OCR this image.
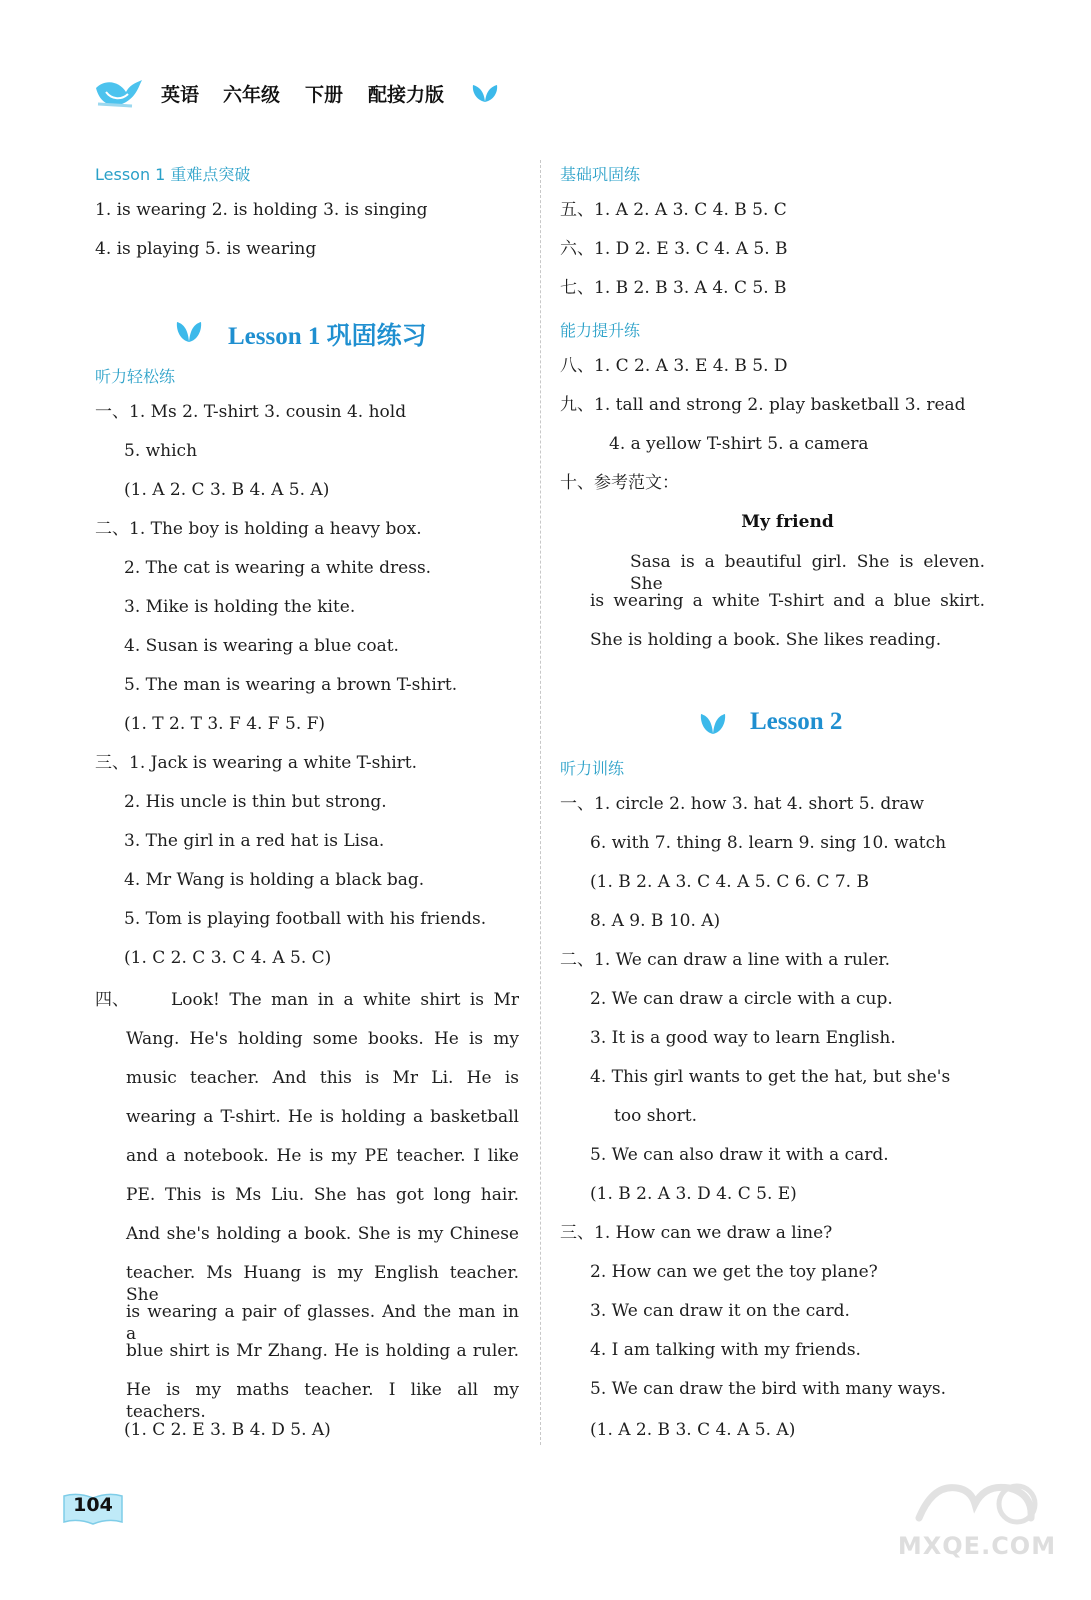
英语 六年级 下册 配接力版
Lesson 1 重难点突破
1. is wearing 2. is holding 3. is singing
4. is playing 5. is wearing
Lesson 1 巩固练习
听力轻松练
一、1. Ms 2. T-shirt 3. cousin 4. hold
5. which
(1. A 2. C 3. B 4. A 5. A)
二、1. The boy is holding a heavy box.
2. The cat is wearing a white dress.
3. Mike is holding the kite.
4. Susan is wearing a blue coat.
5. The man is wearing a brown T-shirt.
(1. T 2. T 3. F 4. F 5. F)
三、1. Jack is wearing a white T-shirt.
2. His uncle is thin but strong.
3. The girl in a red hat is Lisa.
4. Mr Wang is holding a black bag.
5. Tom is playing football with his friends.
(1. C 2. C 3. C 4. A 5. C)
四、 Look! The man in a white shirt is Mr
Wang. He's holding some books. He is my
music teacher. And this is Mr Li. He is
wearing a T-shirt. He is holding a basketball
and a notebook. He is my PE teacher. I like
PE. This is Ms Liu. She has got long hair.
And she's holding a book. She is my Chinese
teacher. Ms Huang is my English teacher. She
is wearing a pair of glasses. And the man in a
blue shirt is Mr Zhang. He is holding a ruler.
He is my maths teacher. I like all my teachers.
(1. C 2. E 3. B 4. D 5. A)
基础巩固练
五、1. A 2. A 3. C 4. B 5. C
六、1. D 2. E 3. C 4. A 5. B
七、1. B 2. B 3. A 4. C 5. B
能力提升练
八、1. C 2. A 3. E 4. B 5. D
九、1. tall and strong 2. play basketball 3. read
4. a yellow T-shirt 5. a camera
十、参考范文：
My friend
Sasa is a beautiful girl. She is eleven. She
is wearing a white T-shirt and a blue skirt.
She is holding a book. She likes reading.
Lesson 2
听力训练
一、1. circle 2. how 3. hat 4. short 5. draw
6. with 7. thing 8. learn 9. sing 10. watch
(1. B 2. A 3. C 4. A 5. C 6. C 7. B
8. A 9. B 10. A)
二、1. We can draw a line with a ruler.
2. We can draw a circle with a cup.
3. It is a good way to learn English.
4. This girl wants to get the hat, but she's
too short.
5. We can also draw it with a card.
(1. B 2. A 3. D 4. C 5. E)
三、1. How can we draw a line?
2. How can we get the toy plane?
3. We can draw it on the card.
4. I am talking with my friends.
5. We can draw the bird with many ways.
(1. A 2. B 3. C 4. A 5. A)
104
MXQE.COM
